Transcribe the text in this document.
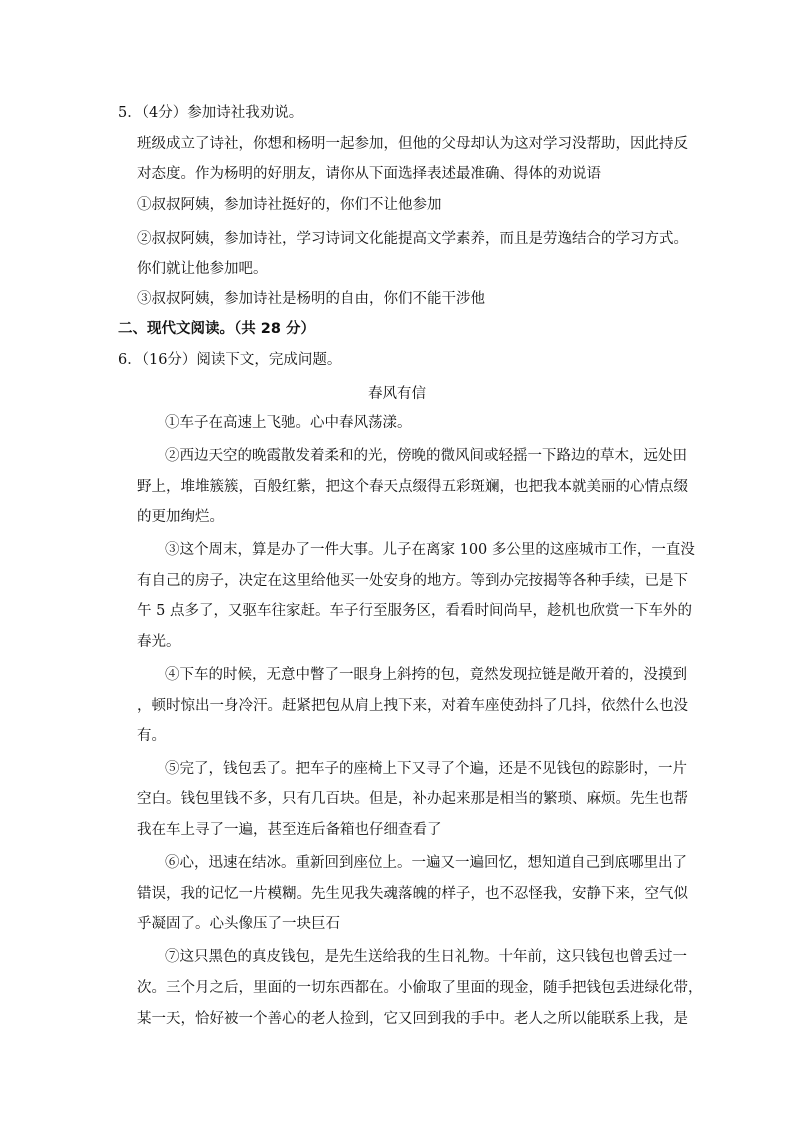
5．（4分）参加诗社我劝说。
班级成立了诗社，你想和杨明一起参加，但他的父母却认为这对学习没帮助，因此持反
对态度。作为杨明的好朋友，请你从下面选择表述最准确、得体的劝说语
①叔叔阿姨，参加诗社挺好的，你们不让他参加
②叔叔阿姨，参加诗社，学习诗词文化能提高文学素养，而且是劳逸结合的学习方式。
你们就让他参加吧。
③叔叔阿姨，参加诗社是杨明的自由，你们不能干涉他
二、现代文阅读。（共 28 分）
6．（16分）阅读下文，完成问题。
春风有信
①车子在高速上飞驰。心中春风荡漾。
②西边天空的晚霞散发着柔和的光，傍晚的微风间或轻摇一下路边的草木，远处田
野上，堆堆簇簇，百般红紫，把这个春天点缀得五彩斑斓，也把我本就美丽的心情点缀
的更加绚烂。
③这个周末，算是办了一件大事。儿子在离家 100 多公里的这座城市工作，一直没
有自己的房子，决定在这里给他买一处安身的地方。等到办完按揭等各种手续，已是下
午 5 点多了，又驱车往家赶。车子行至服务区，看看时间尚早，趁机也欣赏一下车外的
春光。
④下车的时候，无意中瞥了一眼身上斜挎的包，竟然发现拉链是敞开着的，没摸到
，顿时惊出一身冷汗。赶紧把包从肩上拽下来，对着车座使劲抖了几抖，依然什么也没
有。
⑤完了，钱包丢了。把车子的座椅上下又寻了个遍，还是不见钱包的踪影时，一片
空白。钱包里钱不多，只有几百块。但是，补办起来那是相当的繁琐、麻烦。先生也帮
我在车上寻了一遍，甚至连后备箱也仔细查看了
⑥心，迅速在结冰。重新回到座位上。一遍又一遍回忆，想知道自己到底哪里出了
错误，我的记忆一片模糊。先生见我失魂落魄的样子，也不忍怪我，安静下来，空气似
乎凝固了。心头像压了一块巨石
⑦这只黑色的真皮钱包，是先生送给我的生日礼物。十年前，这只钱包也曾丢过一
次。三个月之后，里面的一切东西都在。小偷取了里面的现金，随手把钱包丢进绿化带，
某一天，恰好被一个善心的老人捡到，它又回到我的手中。老人之所以能联系上我，是
